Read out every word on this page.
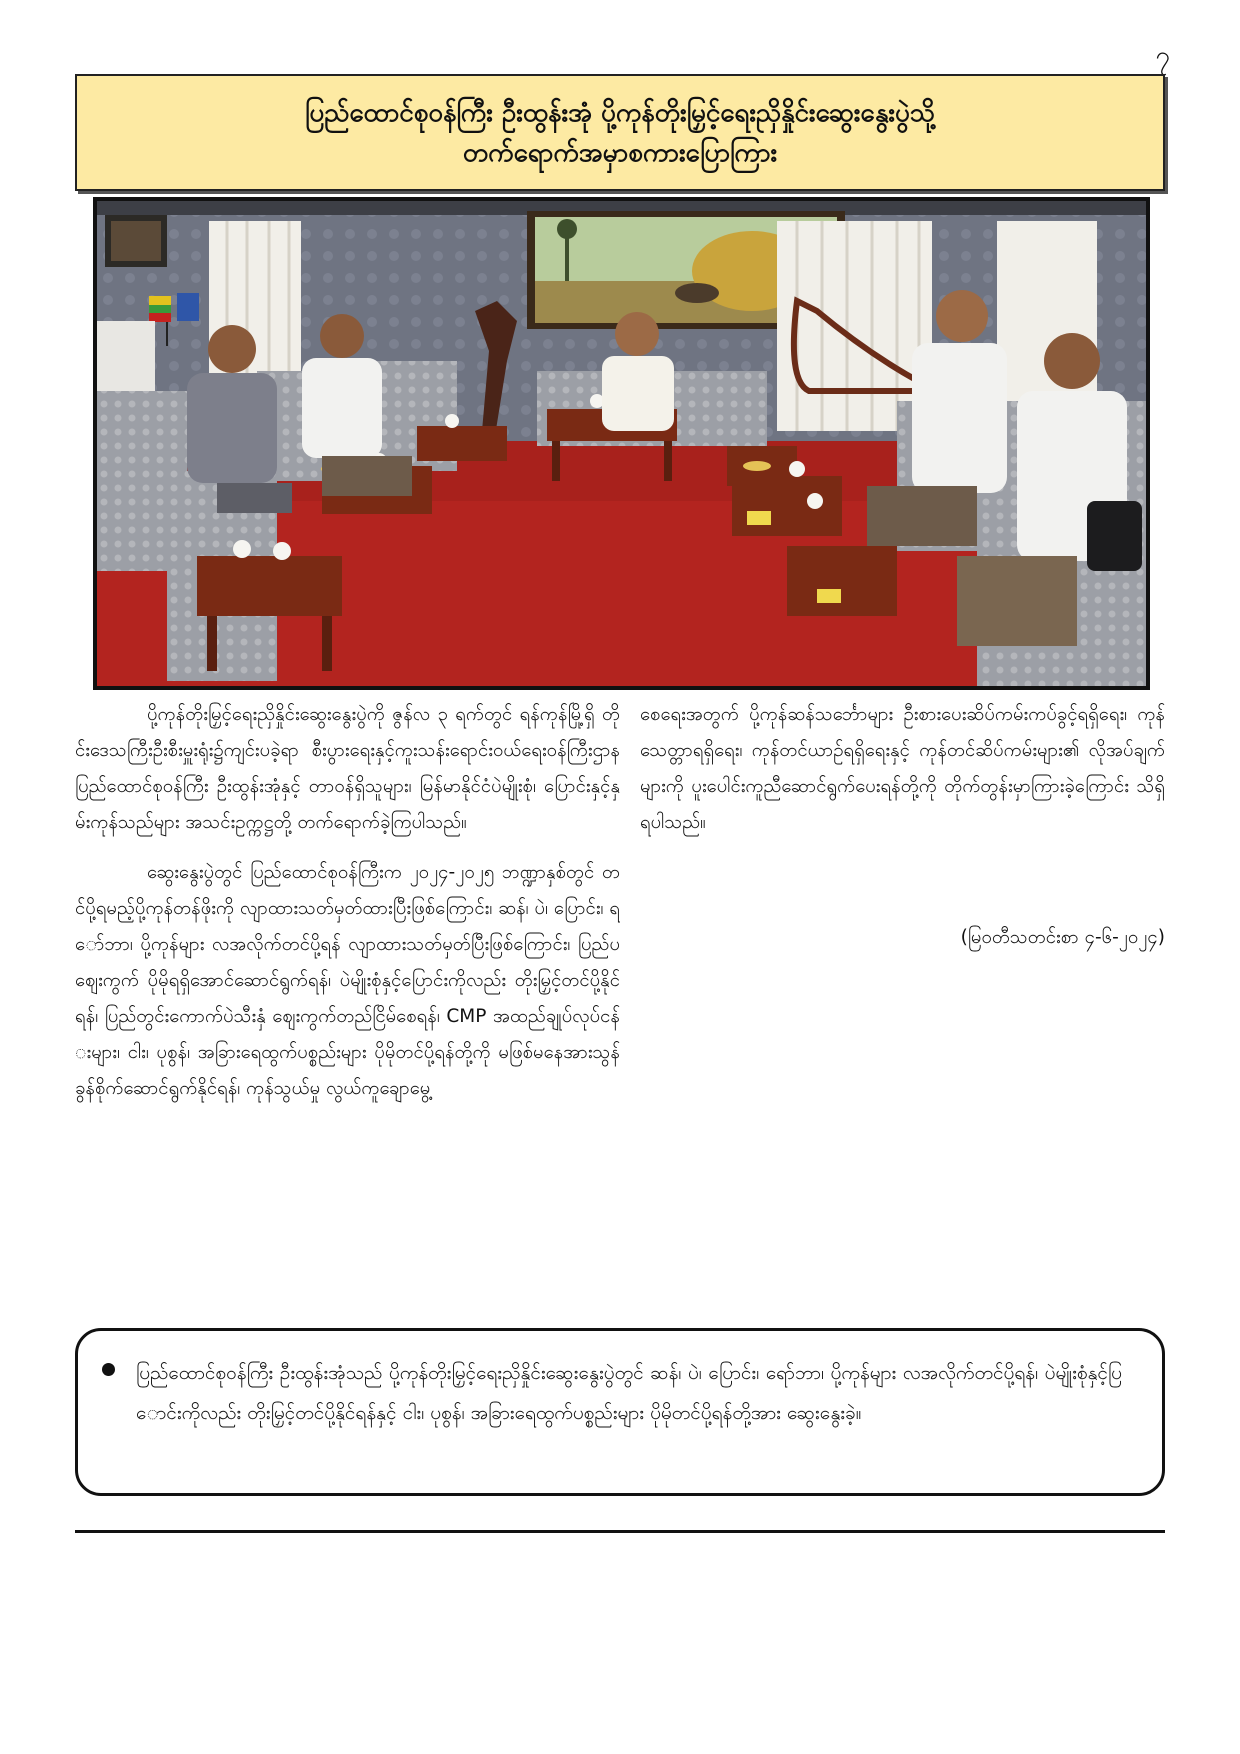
၇
ပြည်ထောင်စုဝန်ကြီး ဦးထွန်းအုံ ပို့ကုန်တိုးမြှင့်ရေးညှိနှိုင်းဆွေးနွေးပွဲသို့
တက်ရောက်အမှာစကားပြောကြား

ပို့ကုန်တိုးမြှင့်ရေးညှိနှိုင်းဆွေးနွေးပွဲကို ဇွန်လ ၃ ရက်တွင် ရန်ကုန်မြို့ရှိ တိုင်းဒေသကြီးဦးစီးမှူးရုံး၌ကျင်းပခဲ့ရာ စီးပွားရေးနှင့်ကူးသန်းရောင်းဝယ်ရေးဝန်ကြီးဌာန ပြည်ထောင်စုဝန်ကြီး ဦးထွန်းအုံနှင့် တာဝန်ရှိသူများ၊ မြန်မာနိုင်ငံပဲမျိုးစုံ၊ ပြောင်းနှင့်နှမ်းကုန်သည်များ အသင်းဥက္ကဋ္ဌတို့ တက်ရောက်ခဲ့ကြပါသည်။

ဆွေးနွေးပွဲတွင် ပြည်ထောင်စုဝန်ကြီးက ၂၀၂၄-၂၀၂၅ ဘဏ္ဍာနှစ်တွင် တင်ပို့ရမည့်ပို့ကုန်တန်ဖိုးကို လျာထားသတ်မှတ်ထားပြီးဖြစ်ကြောင်း၊ ဆန်၊ ပဲ၊ ပြောင်း၊ ရော်ဘာ၊ ပို့ကုန်များ လအလိုက်တင်ပို့ရန် လျာထားသတ်မှတ်ပြီးဖြစ်ကြောင်း၊ ပြည်ပဈေးကွက် ပိုမိုရရှိအောင်ဆောင်ရွက်ရန်၊ ပဲမျိုးစုံနှင့်ပြောင်းကိုလည်း တိုးမြှင့်တင်ပို့နိုင်ရန်၊ ပြည်တွင်းကောက်ပဲသီးနှံ ဈေးကွက်တည်ငြိမ်စေရန်၊ CMP အထည်ချုပ်လုပ်ငန်းများ၊ ငါး၊ ပုစွန်၊ အခြားရေထွက်ပစ္စည်းများ ပိုမိုတင်ပို့ရန်တို့ကို မဖြစ်မနေအားသွန်ခွန်စိုက်ဆောင်ရွက်နိုင်ရန်၊ ကုန်သွယ်မှု လွယ်ကူချောမွေ့

စေရေးအတွက် ပို့ကုန်ဆန်သင်္ဘောများ ဦးစားပေးဆိပ်ကမ်းကပ်ခွင့်ရရှိရေး၊ ကုန်သေတ္တာရရှိရေး၊ ကုန်တင်ယာဉ်ရရှိရေးနှင့် ကုန်တင်ဆိပ်ကမ်းများ၏ လိုအပ်ချက်များကို ပူးပေါင်းကူညီဆောင်ရွက်ပေးရန်တို့ကို တိုက်တွန်းမှာကြားခဲ့ကြောင်း သိရှိရပါသည်။

(မြဝတီသတင်းစာ ၄-၆-၂၀၂၄)

ပြည်ထောင်စုဝန်ကြီး ဦးထွန်းအုံသည် ပို့ကုန်တိုးမြှင့်ရေးညှိနှိုင်းဆွေးနွေးပွဲတွင် ဆန်၊ ပဲ၊ ပြောင်း၊ ရော်ဘာ၊ ပို့ကုန်များ လအလိုက်တင်ပို့ရန်၊ ပဲမျိုးစုံနှင့်ပြောင်းကိုလည်း တိုးမြှင့်တင်ပို့နိုင်ရန်နှင့် ငါး၊ ပုစွန်၊ အခြားရေထွက်ပစ္စည်းများ ပိုမိုတင်ပို့ရန်တို့အား ဆွေးနွေးခဲ့။
